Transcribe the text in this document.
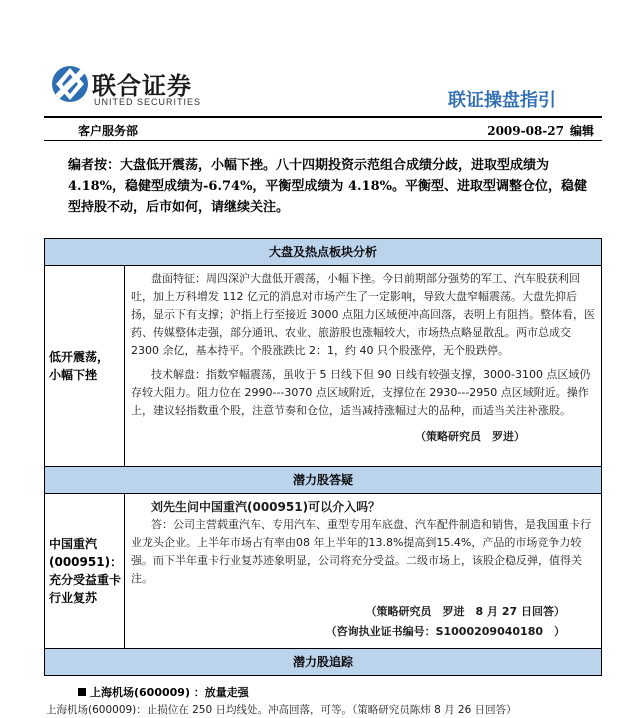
联合证券
UNITED SECURITIES	联证操盘指引
客户服务部	2009-08-27 编辑
编者按：大盘低开震荡，小幅下挫。八十四期投资示范组合成绩分歧，进取型成绩为 4.18%，稳健型成绩为-6.74%，平衡型成绩为 4.18%。平衡型、进取型调整仓位，稳健型持股不动，后市如何，请继续关注。
大盘及热点板块分析
低开震荡，小幅下挫
盘面特征：周四深沪大盘低开震荡，小幅下挫。今日前期部分强势的军工、汽车股获利回吐，加上万科增发 112 亿元的消息对市场产生了一定影响，导致大盘窄幅震荡。大盘先抑后扬，显示下有支撑；沪指上行至接近 3000 点阻力区域便冲高回落，表明上有阻挡。整体看，医药、传媒整体走强，部分通讯、农业、旅游股也涨幅较大，市场热点略显散乱。两市总成交 2300 余亿，基本持平。个股涨跌比 2：1，约 40 只个股涨停，无个股跌停。
技术解盘：指数窄幅震荡，虽收于 5 日线下但 90 日线有较强支撑，3000-3100 点区域仍存较大阻力。阻力位在 2990---3070 点区域附近，支撑位在 2930---2950 点区域附近。操作上，建议轻指数重个股，注意节奏和仓位，适当减持涨幅过大的品种，而适当关注补涨股。
（策略研究员　罗进）
潜力股答疑
中国重汽(000951)：充分受益重卡行业复苏
刘先生问中国重汽(000951)可以介入吗？
答：公司主营载重汽车、专用汽车、重型专用车底盘、汽车配件制造和销售，是我国重卡行业龙头企业。上半年市场占有率由08 年上半年的13.8%提高到15.4%，产品的市场竞争力较强。而下半年重卡行业复苏迹象明显，公司将充分受益。二级市场上，该股企稳反弹，值得关注。
（策略研究员　罗进　8 月 27 日回答）
（咨询执业证书编号：S1000209040180　）
潜力股追踪
上海机场(600009) ：放量走强
上海机场(600009)：止损位在 250 日均线处。冲高回落，可等。（策略研究员陈炜 8 月 26 日回答）
